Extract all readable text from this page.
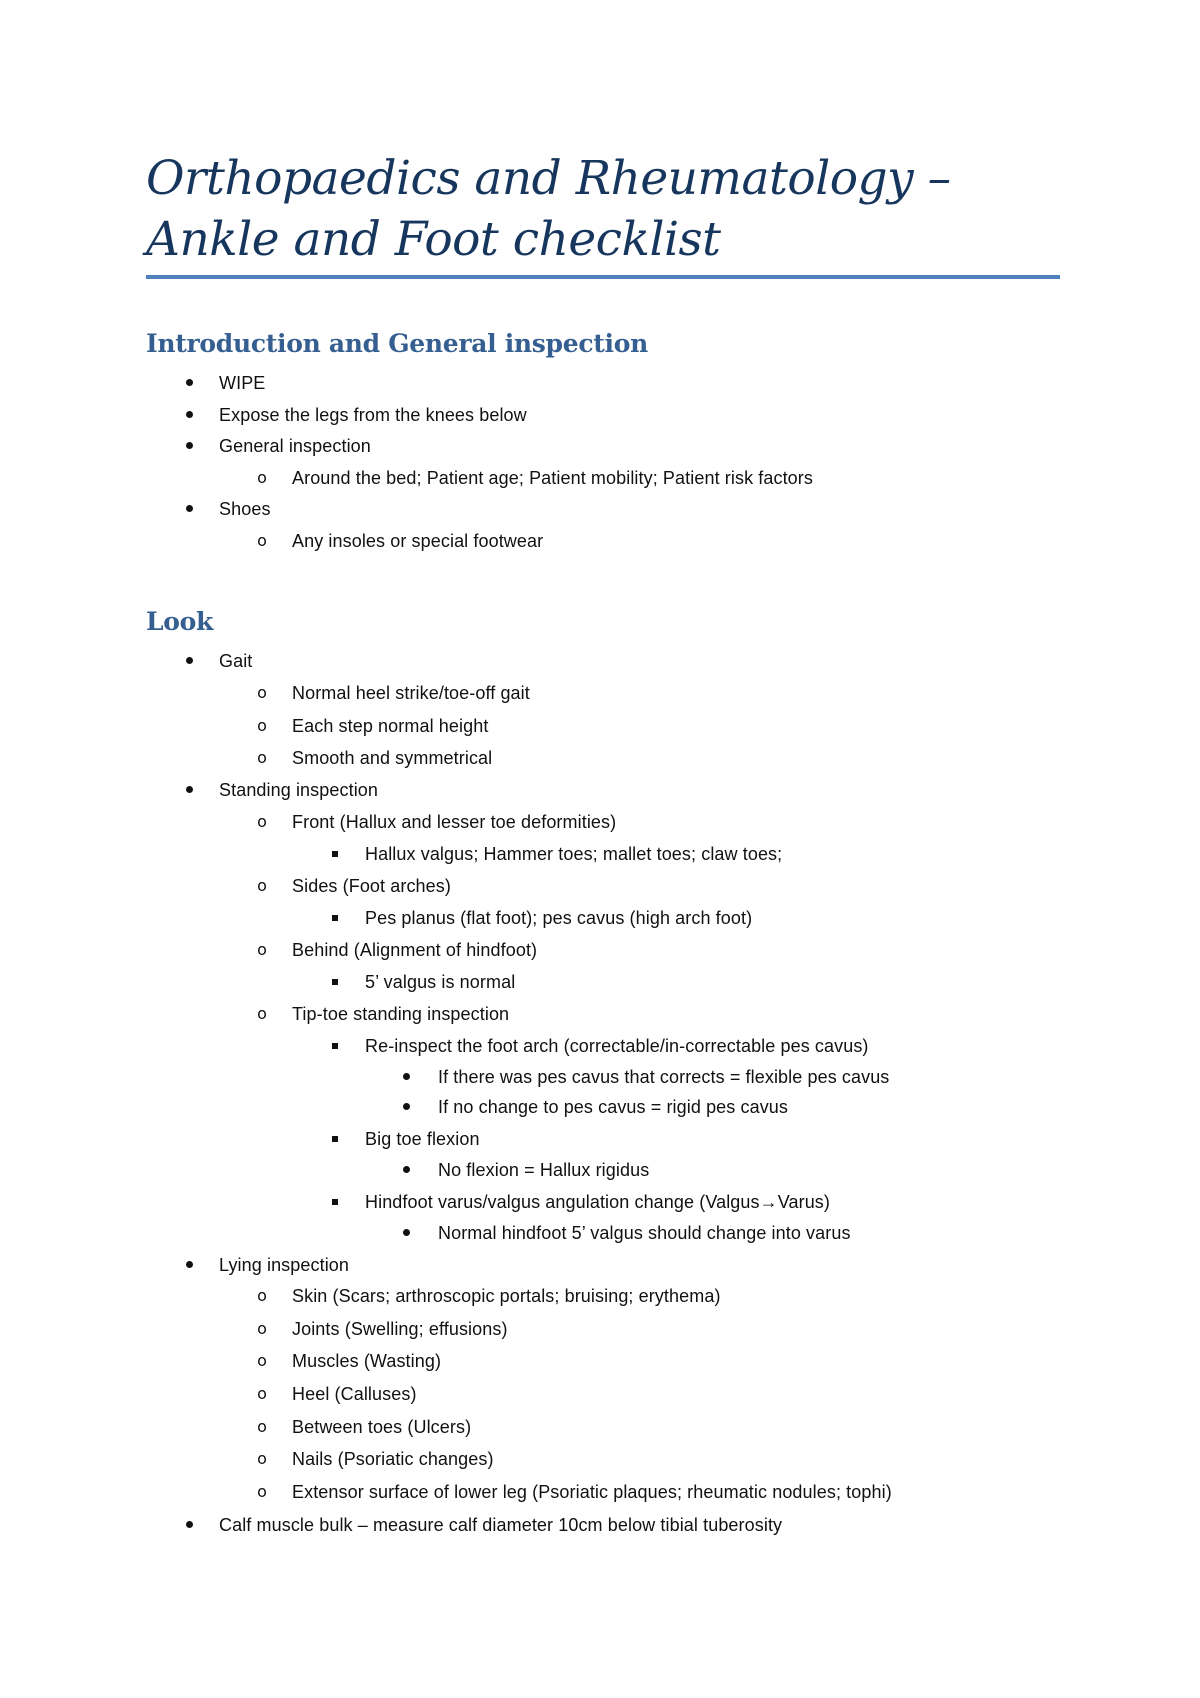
Orthopaedics and Rheumatology – Ankle and Foot checklist
Introduction and General inspection
WIPE
Expose the legs from the knees below
General inspection
o
Around the bed; Patient age; Patient mobility; Patient risk factors
Shoes
o
Any insoles or special footwear
Look
Gait
o
Normal heel strike/toe-off gait
o
Each step normal height
o
Smooth and symmetrical
Standing inspection
o
Front (Hallux and lesser toe deformities)
Hallux valgus; Hammer toes; mallet toes; claw toes;
o
Sides (Foot arches)
Pes planus (flat foot); pes cavus (high arch foot)
o
Behind (Alignment of hindfoot)
5’ valgus is normal
o
Tip-toe standing inspection
Re-inspect the foot arch (correctable/in-correctable pes cavus)
If there was pes cavus that corrects = flexible pes cavus
If no change to pes cavus = rigid pes cavus
Big toe flexion
No flexion = Hallux rigidus
Hindfoot varus/valgus angulation change (Valgus→Varus)
Normal hindfoot 5’ valgus should change into varus
Lying inspection
o
Skin (Scars; arthroscopic portals; bruising; erythema)
o
Joints (Swelling; effusions)
o
Muscles (Wasting)
o
Heel (Calluses)
o
Between toes (Ulcers)
o
Nails (Psoriatic changes)
o
Extensor surface of lower leg (Psoriatic plaques; rheumatic nodules; tophi)
Calf muscle bulk – measure calf diameter 10cm below tibial tuberosity
